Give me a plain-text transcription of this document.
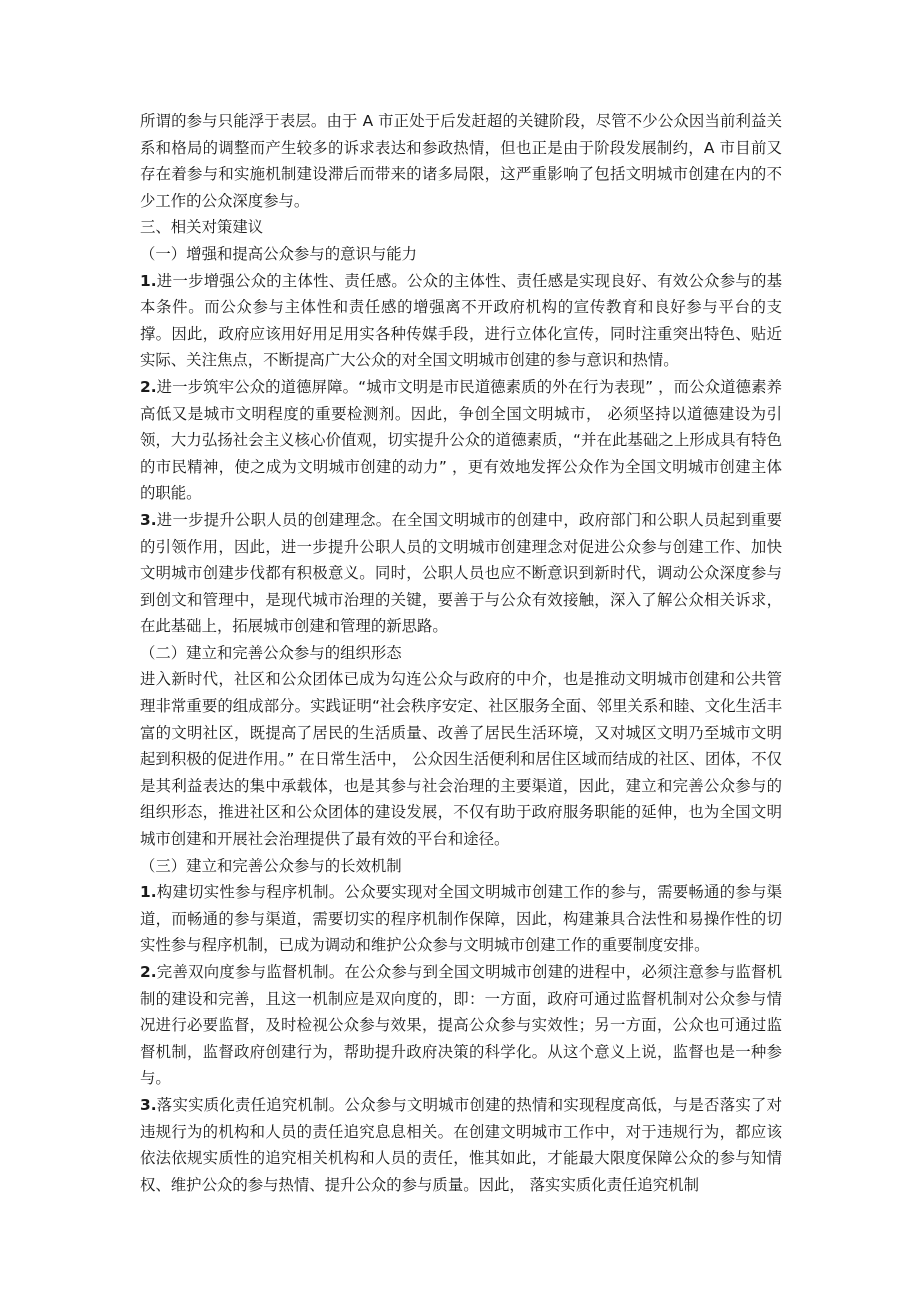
所谓的参与只能浮于表层。由于 A 市正处于后发赶超的关键阶段，尽管不少公众因当前利益关系和格局的调整而产生较多的诉求表达和参政热情，但也正是由于阶段发展制约，A 市目前又存在着参与和实施机制建设滞后而带来的诸多局限，这严重影响了包括文明城市创建在内的不少工作的公众深度参与。

三、相关对策建议

（一）增强和提高公众参与的意识与能力

1.进一步增强公众的主体性、责任感。公众的主体性、责任感是实现良好、有效公众参与的基本条件。而公众参与主体性和责任感的增强离不开政府机构的宣传教育和良好参与平台的支撑。因此，政府应该用好用足用实各种传媒手段，进行立体化宣传，同时注重突出特色、贴近实际、关注焦点，不断提高广大公众的对全国文明城市创建的参与意识和热情。

2.进一步筑牢公众的道德屏障。“城市文明是市民道德素质的外在行为表现” ，而公众道德素养高低又是城市文明程度的重要检测剂。因此，争创全国文明城市， 必须坚持以道德建设为引领，大力弘扬社会主义核心价值观，切实提升公众的道德素质，“并在此基础之上形成具有特色的市民精神，使之成为文明城市创建的动力” ，更有效地发挥公众作为全国文明城市创建主体的职能。

3.进一步提升公职人员的创建理念。在全国文明城市的创建中，政府部门和公职人员起到重要的引领作用，因此，进一步提升公职人员的文明城市创建理念对促进公众参与创建工作、加快文明城市创建步伐都有积极意义。同时，公职人员也应不断意识到新时代，调动公众深度参与到创文和管理中，是现代城市治理的关键，要善于与公众有效接触，深入了解公众相关诉求，在此基础上，拓展城市创建和管理的新思路。

（二）建立和完善公众参与的组织形态

进入新时代，社区和公众团体已成为勾连公众与政府的中介，也是推动文明城市创建和公共管理非常重要的组成部分。实践证明“社会秩序安定、社区服务全面、邻里关系和睦、文化生活丰富的文明社区，既提高了居民的生活质量、改善了居民生活环境，又对城区文明乃至城市文明起到积极的促进作用。” 在日常生活中， 公众因生活便利和居住区域而结成的社区、团体，不仅是其利益表达的集中承载体，也是其参与社会治理的主要渠道，因此，建立和完善公众参与的组织形态，推进社区和公众团体的建设发展，不仅有助于政府服务职能的延伸，也为全国文明城市创建和开展社会治理提供了最有效的平台和途径。

（三）建立和完善公众参与的长效机制

1.构建切实性参与程序机制。公众要实现对全国文明城市创建工作的参与，需要畅通的参与渠道，而畅通的参与渠道，需要切实的程序机制作保障，因此，构建兼具合法性和易操作性的切实性参与程序机制，已成为调动和维护公众参与文明城市创建工作的重要制度安排。

2.完善双向度参与监督机制。在公众参与到全国文明城市创建的进程中，必须注意参与监督机制的建设和完善，且这一机制应是双向度的，即：一方面，政府可通过监督机制对公众参与情况进行必要监督，及时检视公众参与效果，提高公众参与实效性；另一方面，公众也可通过监督机制，监督政府创建行为，帮助提升政府决策的科学化。从这个意义上说，监督也是一种参与。

3.落实实质化责任追究机制。公众参与文明城市创建的热情和实现程度高低，与是否落实了对违规行为的机构和人员的责任追究息息相关。在创建文明城市工作中，对于违规行为，都应该依法依规实质性的追究相关机构和人员的责任，惟其如此，才能最大限度保障公众的参与知情权、维护公众的参与热情、提升公众的参与质量。因此， 落实实质化责任追究机制
